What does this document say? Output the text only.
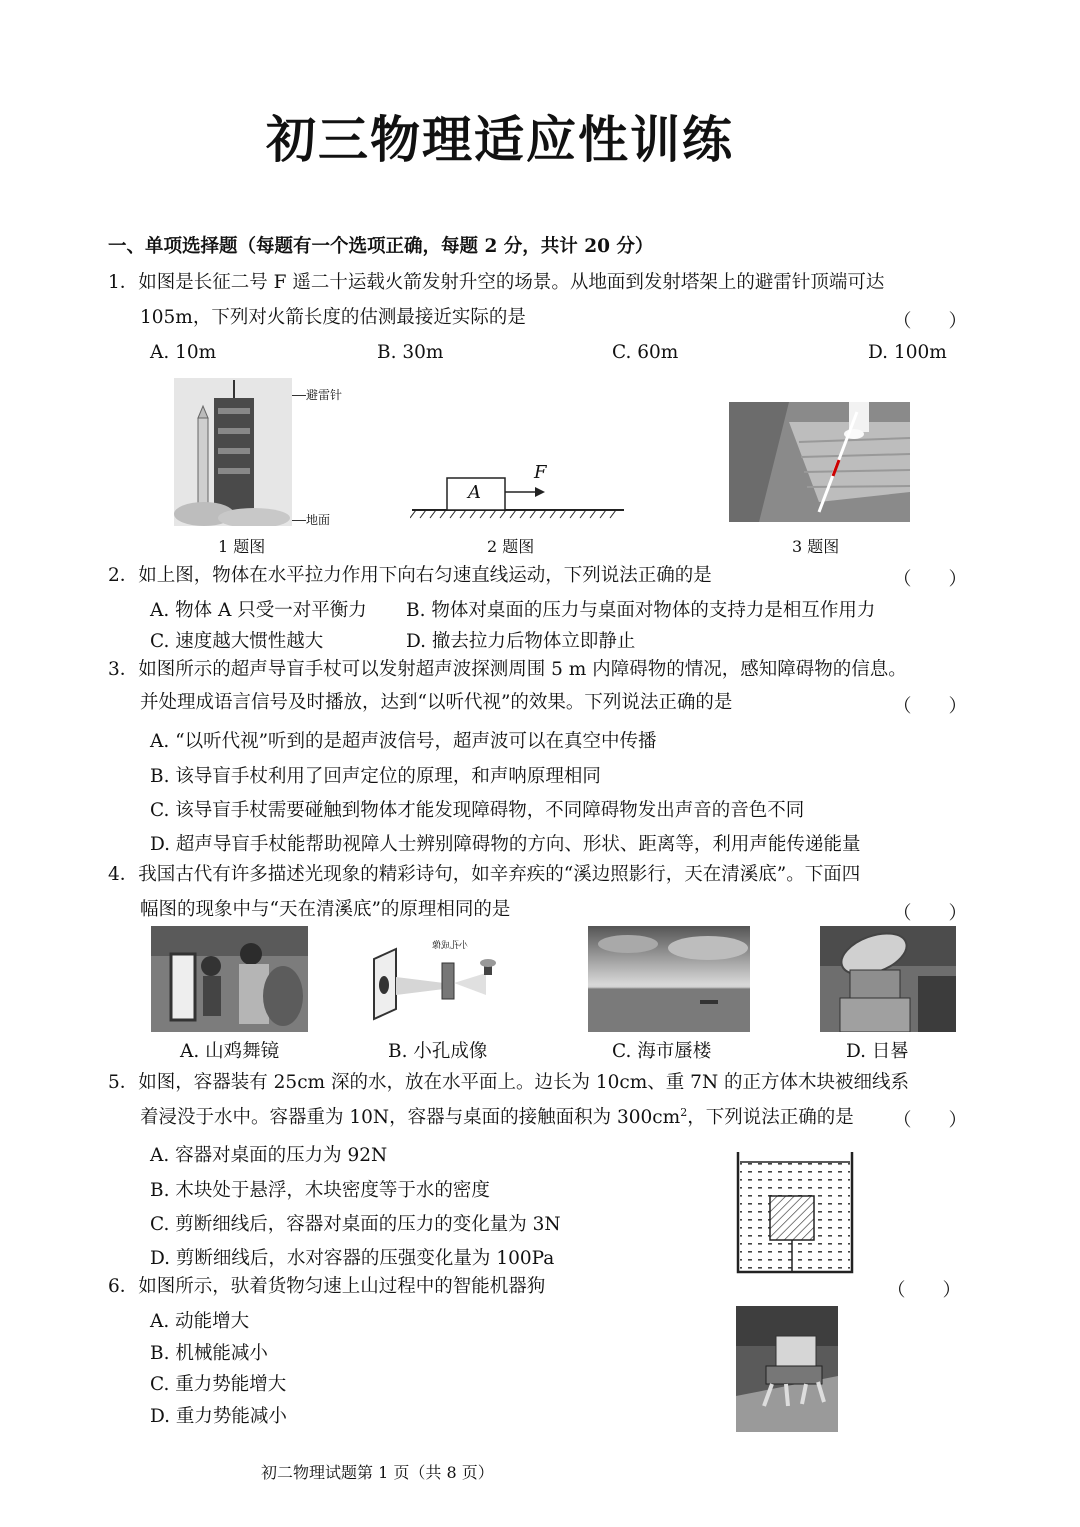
初三物理适应性训练
一、单项选择题（每题有一个选项正确，每题 2 分，共计 20 分）
1．如图是长征二号 F 遥二十运载火箭发射升空的场景。从地面到发射塔架上的避雷针顶端可达
105m，下列对火箭长度的估测最接近实际的是	（　　）
A. 10m	B. 30m	C. 60m	D. 100m
避雷针
地面
1 题图
A
F
2 题图	3 题图
2．如上图，物体在水平拉力作用下向右匀速直线运动，下列说法正确的是	（　　）
A. 物体 A 只受一对平衡力 B. 物体对桌面的压力与桌面对物体的支持力是相互作用力
C. 速度越大惯性越大	D. 撤去拉力后物体立即静止
3．如图所示的超声导盲手杖可以发射超声波探测周围 5 m 内障碍物的情况，感知障碍物的信息。
并处理成语言信号及时播放，达到“以听代视”的效果。下列说法正确的是	（　　）
A. “以听代视”听到的是超声波信号，超声波可以在真空中传播
B. 该导盲手杖利用了回声定位的原理，和声呐原理相同
C. 该导盲手杖需要碰触到物体才能发现障碍物，不同障碍物发出声音的音色不同
D. 超声导盲手杖能帮助视障人士辨别障碍物的方向、形状、距离等，利用声能传递能量
4．我国古代有许多描述光现象的精彩诗句，如辛弃疾的“溪边照影行，天在清溪底”。下面四
幅图的现象中与“天在清溪底”的原理相同的是	（　　）
小孔成像
A. 山鸡舞镜	B. 小孔成像	C. 海市蜃楼	D. 日晷
5．如图，容器装有 25cm 深的水，放在水平面上。边长为 10cm、重 7N 的正方体木块被细线系
着浸没于水中。容器重为 10N，容器与桌面的接触面积为 $300cm^2$，下列说法正确的是 （　　）
A. 容器对桌面的压力为 92N
B. 木块处于悬浮，木块密度等于水的密度
C. 剪断细线后，容器对桌面的压力的变化量为 3N
D. 剪断细线后，水对容器的压强变化量为 100Pa
6．如图所示，驮着货物匀速上山过程中的智能机器狗	（　　）
A. 动能增大
B. 机械能减小
C. 重力势能增大
D. 重力势能减小
初二物理试题第 1 页（共 8 页）
